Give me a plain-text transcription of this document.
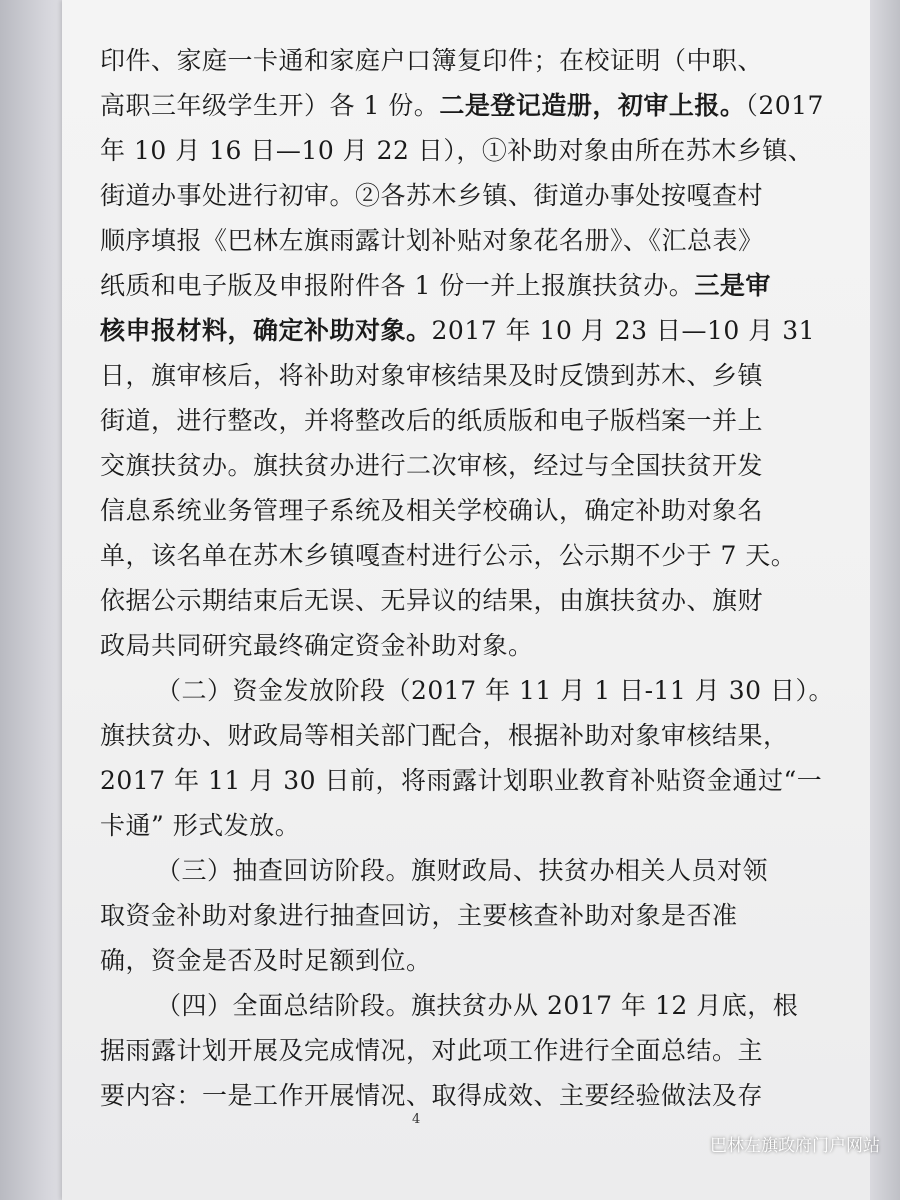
印件、家庭一卡通和家庭户口簿复印件；在校证明（中职、
高职三年级学生开）各 1 份。二是登记造册，初审上报。（2017
年 10 月 16 日—10 月 22 日），①补助对象由所在苏木乡镇、
街道办事处进行初审。②各苏木乡镇、街道办事处按嘎查村
顺序填报《巴林左旗雨露计划补贴对象花名册》、《汇总表》
纸质和电子版及申报附件各 1 份一并上报旗扶贫办。三是审
核申报材料，确定补助对象。2017 年 10 月 23 日—10 月 31
日，旗审核后，将补助对象审核结果及时反馈到苏木、乡镇
街道，进行整改，并将整改后的纸质版和电子版档案一并上
交旗扶贫办。旗扶贫办进行二次审核，经过与全国扶贫开发
信息系统业务管理子系统及相关学校确认，确定补助对象名
单，该名单在苏木乡镇嘎查村进行公示，公示期不少于 7 天。
依据公示期结束后无误、无异议的结果，由旗扶贫办、旗财
政局共同研究最终确定资金补助对象。
（二）资金发放阶段（2017 年 11 月 1 日-11 月 30 日）。
旗扶贫办、财政局等相关部门配合，根据补助对象审核结果，
2017 年 11 月 30 日前，将雨露计划职业教育补贴资金通过“一
卡通” 形式发放。
（三）抽查回访阶段。旗财政局、扶贫办相关人员对领
取资金补助对象进行抽查回访，主要核查补助对象是否准
确，资金是否及时足额到位。
（四）全面总结阶段。旗扶贫办从 2017 年 12 月底，根
据雨露计划开展及完成情况，对此项工作进行全面总结。主
要内容：一是工作开展情况、取得成效、主要经验做法及存
4
巴林左旗政府门户网站
